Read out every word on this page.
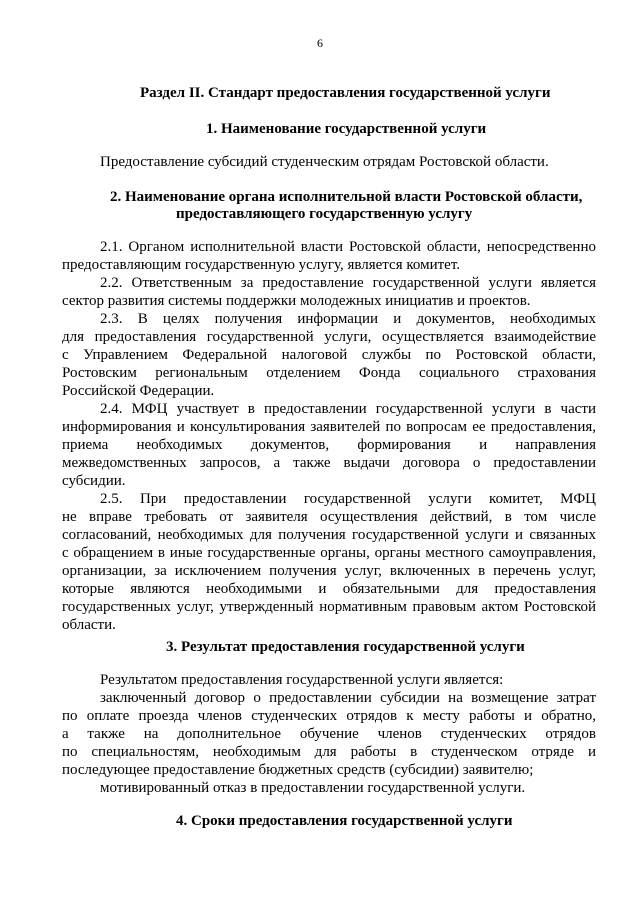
6
Раздел II. Стандарт предоставления государственной услуги
1. Наименование государственной услуги
Предоставление субсидий студенческим отрядам Ростовской области.
2. Наименование органа исполнительной власти Ростовской области,
предоставляющего государственную услугу
2.1. Органом исполнительной власти Ростовской области, непосредственно
предоставляющим государственную услугу, является комитет.
2.2. Ответственным за предоставление государственной услуги является
сектор развития системы поддержки молодежных инициатив и проектов.
2.3. В целях получения информации и документов, необходимых
для предоставления государственной услуги, осуществляется взаимодействие
с Управлением Федеральной налоговой службы по Ростовской области,
Ростовским региональным отделением Фонда социального страхования
Российской Федерации.
2.4. МФЦ участвует в предоставлении государственной услуги в части
информирования и консультирования заявителей по вопросам ее предоставления,
приема необходимых документов, формирования и направления
межведомственных запросов, а также выдачи договора о предоставлении
субсидии.
2.5. При предоставлении государственной услуги комитет, МФЦ
не вправе требовать от заявителя осуществления действий, в том числе
согласований, необходимых для получения государственной услуги и связанных
с обращением в иные государственные органы, органы местного самоуправления,
организации, за исключением получения услуг, включенных в перечень услуг,
которые являются необходимыми и обязательными для предоставления
государственных услуг, утвержденный нормативным правовым актом Ростовской
области.
3. Результат предоставления государственной услуги
Результатом предоставления государственной услуги является:
заключенный договор о предоставлении субсидии на возмещение затрат
по оплате проезда членов студенческих отрядов к месту работы и обратно,
а также на дополнительное обучение членов студенческих отрядов
по специальностям, необходимым для работы в студенческом отряде и
последующее предоставление бюджетных средств (субсидии) заявителю;
мотивированный отказ в предоставлении государственной услуги.
4. Сроки предоставления государственной услуги
